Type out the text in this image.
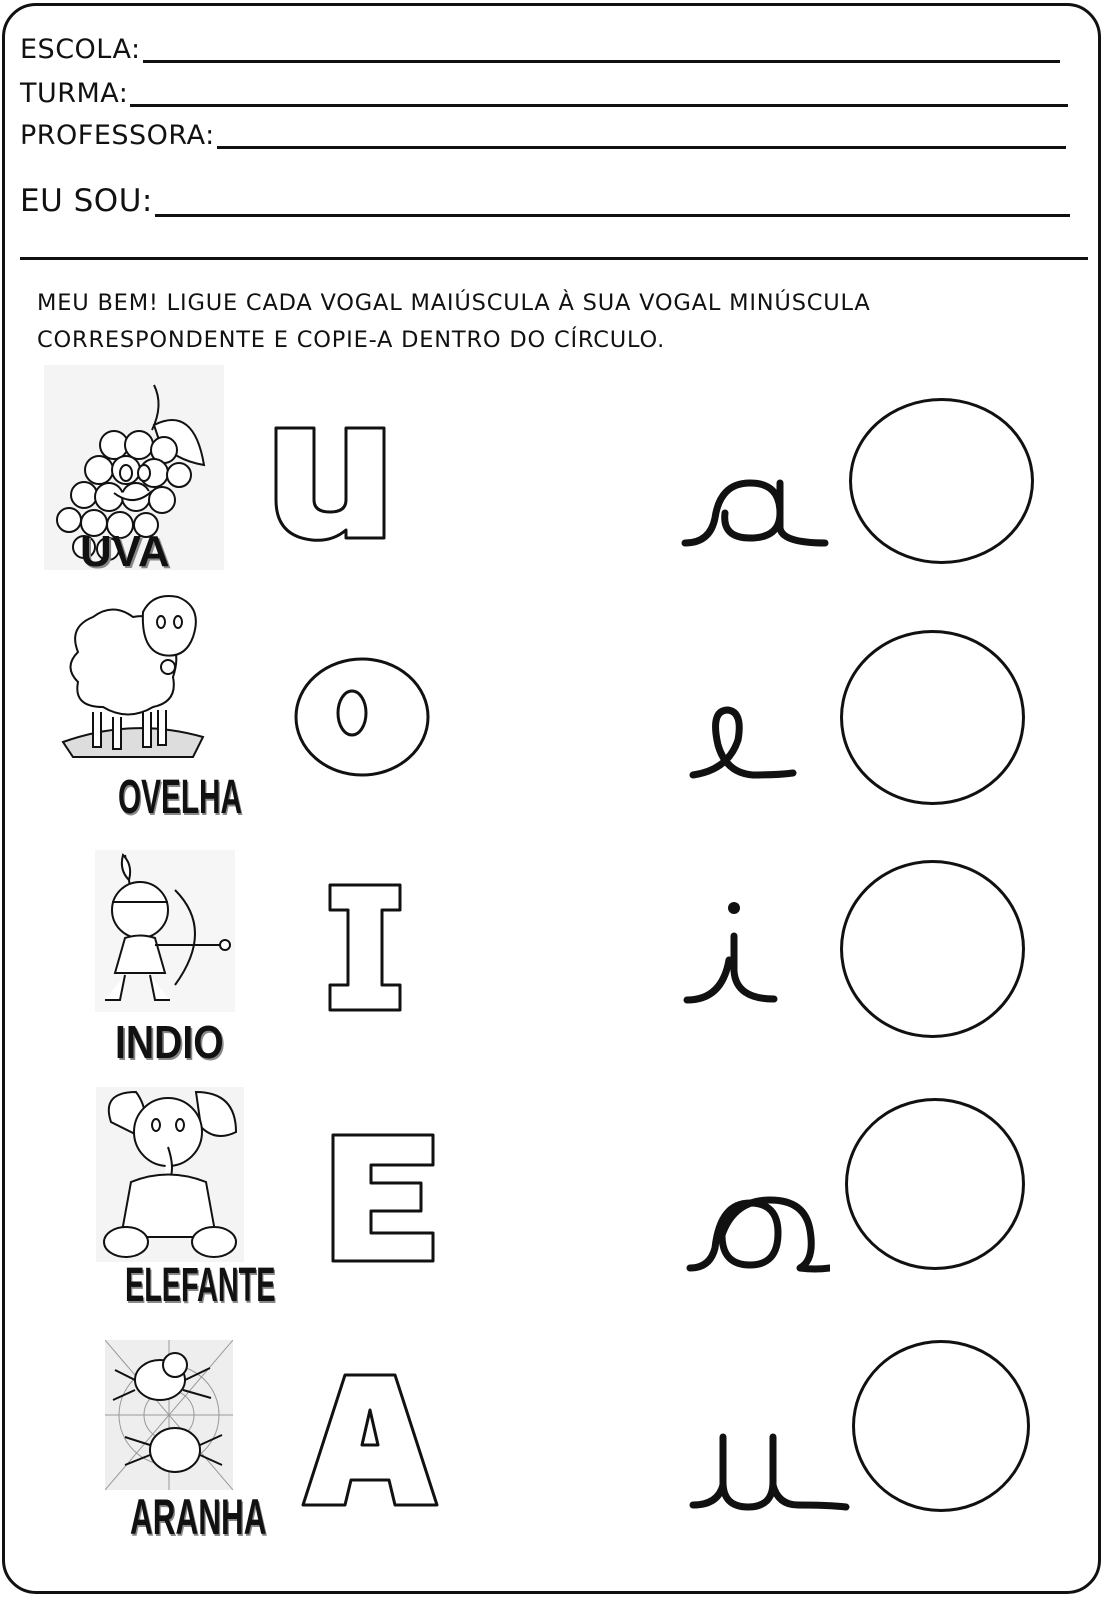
ESCOLA:
TURMA:
PROFESSORA:
EU SOU:
MEU BEM! LIGUE CADA VOGAL MAIÚSCULA À SUA VOGAL MINÚSCULA
CORRESPONDENTE E COPIE-A DENTRO DO CÍRCULO.
UVA
OVELHA
INDIO
ELEFANTE
ARANHA
